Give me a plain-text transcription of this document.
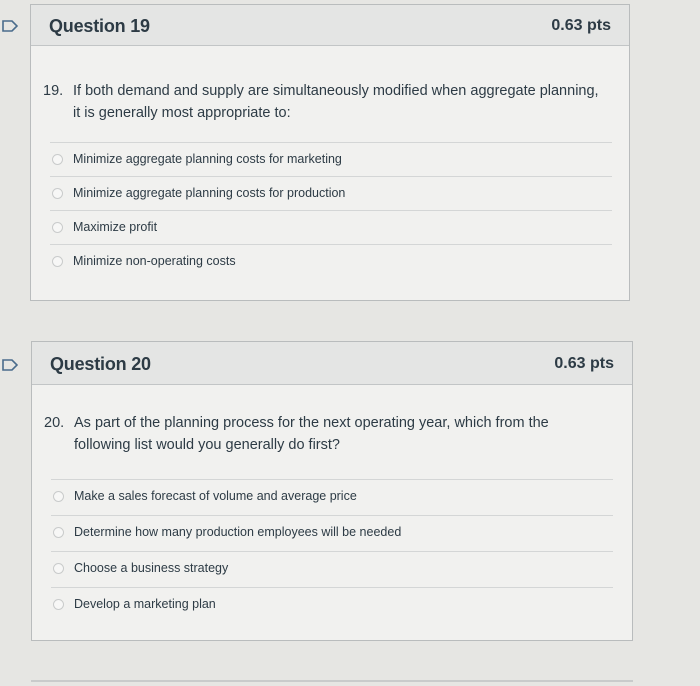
Question 19	0.63 pts
19. If both demand and supply are simultaneously modified when aggregate planning,
it is generally most appropriate to:
Minimize aggregate planning costs for marketing
Minimize aggregate planning costs for production
Maximize profit
Minimize non-operating costs
Question 20	0.63 pts
20. As part of the planning process for the next operating year, which from the
following list would you generally do first?
Make a sales forecast of volume and average price
Determine how many production employees will be needed
Choose a business strategy
Develop a marketing plan
